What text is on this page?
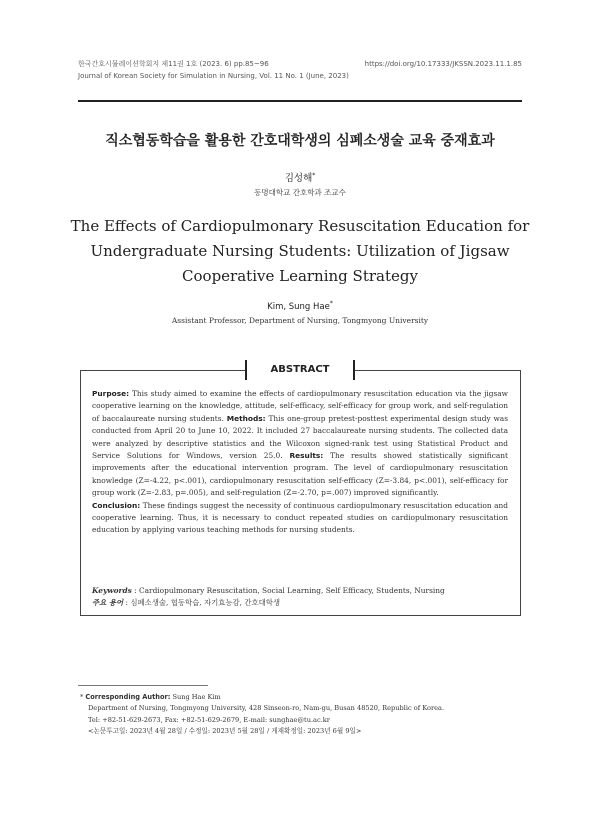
한국간호시뮬레이션학회지 제11권 1호 (2023. 6) pp.85~96	https://doi.org/10.17333/JKSSN.2023.11.1.85
Journal of Korean Society for Simulation in Nursing, Vol. 11 No. 1 (June, 2023)
직소협동학습을 활용한 간호대학생의 심폐소생술 교육 중재효과
김성해*
동명대학교 간호학과 조교수
The Effects of Cardiopulmonary Resuscitation Education for
Undergraduate Nursing Students: Utilization of Jigsaw
Cooperative Learning Strategy
Kim, Sung Hae*
Assistant Professor, Department of Nursing, Tongmyong University
ABSTRACT
Purpose: This study aimed to examine the effects of cardiopulmonary resuscitation education via the jigsaw cooperative learning on the knowledge, attitude, self-efficacy, self-efficacy for group work, and self-regulation of baccalaureate nursing students. Methods: This one-group pretest-posttest experimental design study was conducted from April 20 to June 10, 2022. It included 27 baccalaureate nursing students. The collected data were analyzed by descriptive statistics and the Wilcoxon signed-rank test using Statistical Product and Service Solutions for Windows, version 25.0. Results: The results showed statistically significant improvements after the educational intervention program. The level of cardiopulmonary resuscitation knowledge (Z=-4.22, p<.001), cardiopulmonary resuscitation self-efficacy (Z=-3.84, p<.001), self-efficacy for group work (Z=-2.83, p=.005), and self-regulation (Z=-2.70, p=.007) improved significantly.
Conclusion: These findings suggest the necessity of continuous cardiopulmonary resuscitation education and cooperative learning. Thus, it is necessary to conduct repeated studies on cardiopulmonary resuscitation education by applying various teaching methods for nursing students.
Keywords : Cardiopulmonary Resuscitation, Social Learning, Self Efficacy, Students, Nursing
주요 용어 : 심폐소생술, 협동학습, 자기효능감, 간호대학생
* Corresponding Author: Sung Hae Kim
Department of Nursing, Tongmyong University, 428 Sinseon-ro, Nam-gu, Busan 48520, Republic of Korea.
Tel: +82-51-629-2673, Fax: +82-51-629-2679, E-mail: sunghae@tu.ac.kr
<논문투고일: 2023년 4월 28일 / 수정일: 2023년 5월 28일 / 게재확정일: 2023년 6월 9일>
